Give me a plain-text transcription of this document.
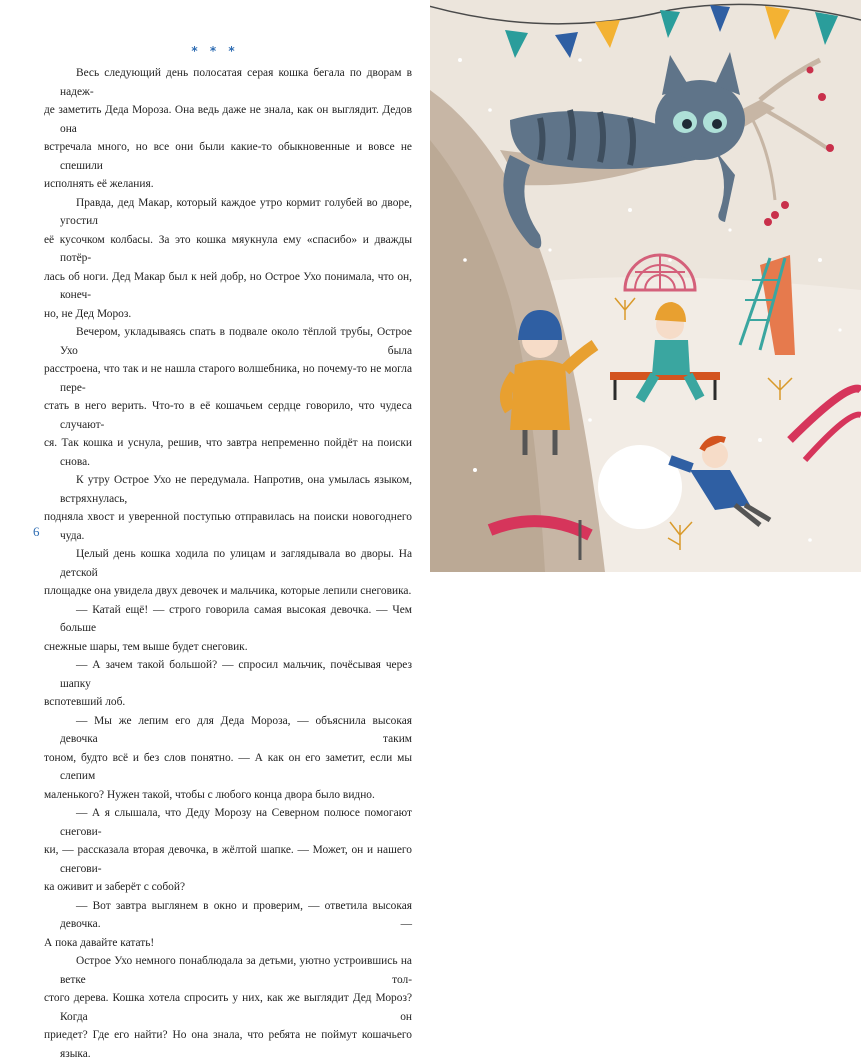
* * *

Весь следующий день полосатая серая кошка бегала по дворам в надеж-
де заметить Деда Мороза. Она ведь даже не знала, как он выглядит. Дедов она
встречала много, но все они были какие-то обыкновенные и вовсе не спешили
исполнять её желания.

Правда, дед Макар, который каждое утро кормит голубей во дворе, угостил
её кусочком колбасы. За это кошка мяукнула ему «спасибо» и дважды потёр-
лась об ноги. Дед Макар был к ней добр, но Острое Ухо понимала, что он, конеч-
но, не Дед Мороз.

Вечером, укладываясь спать в подвале около тёплой трубы, Острое Ухо была
расстроена, что так и не нашла старого волшебника, но почему-то не могла пере-
стать в него верить. Что-то в её кошачьем сердце говорило, что чудеса случают-
ся. Так кошка и уснула, решив, что завтра непременно пойдёт на поиски снова.

К утру Острое Ухо не передумала. Напротив, она умылась языком, встряхнулась,
подняла хвост и уверенной поступью отправилась на поиски новогоднего чуда.

Целый день кошка ходила по улицам и заглядывала во дворы. На детской
площадке она увидела двух девочек и мальчика, которые лепили снеговика.

— Катай ещё! — строго говорила самая высокая девочка. — Чем больше
снежные шары, тем выше будет снеговик.

— А зачем такой большой? — спросил мальчик, почёсывая через шапку
вспотевший лоб.

— Мы же лепим его для Деда Мороза, — объяснила высокая девочка таким
тоном, будто всё и без слов понятно. — А как он его заметит, если мы слепим
маленького? Нужен такой, чтобы с любого конца двора было видно.

— А я слышала, что Деду Морозу на Северном полюсе помогают снегови-
ки, — рассказала вторая девочка, в жёлтой шапке. — Может, он и нашего снегови-
ка оживит и заберёт с собой?

— Вот завтра выглянем в окно и проверим, — ответила высокая девочка. —
А пока давайте катать!

Острое Ухо немного понаблюдала за детьми, уютно устроившись на ветке тол-
стого дерева. Кошка хотела спросить у них, как же выглядит Дед Мороз? Когда он
приедет? Где его найти? Но она знала, что ребята не поймут кошачьего языка.

6
